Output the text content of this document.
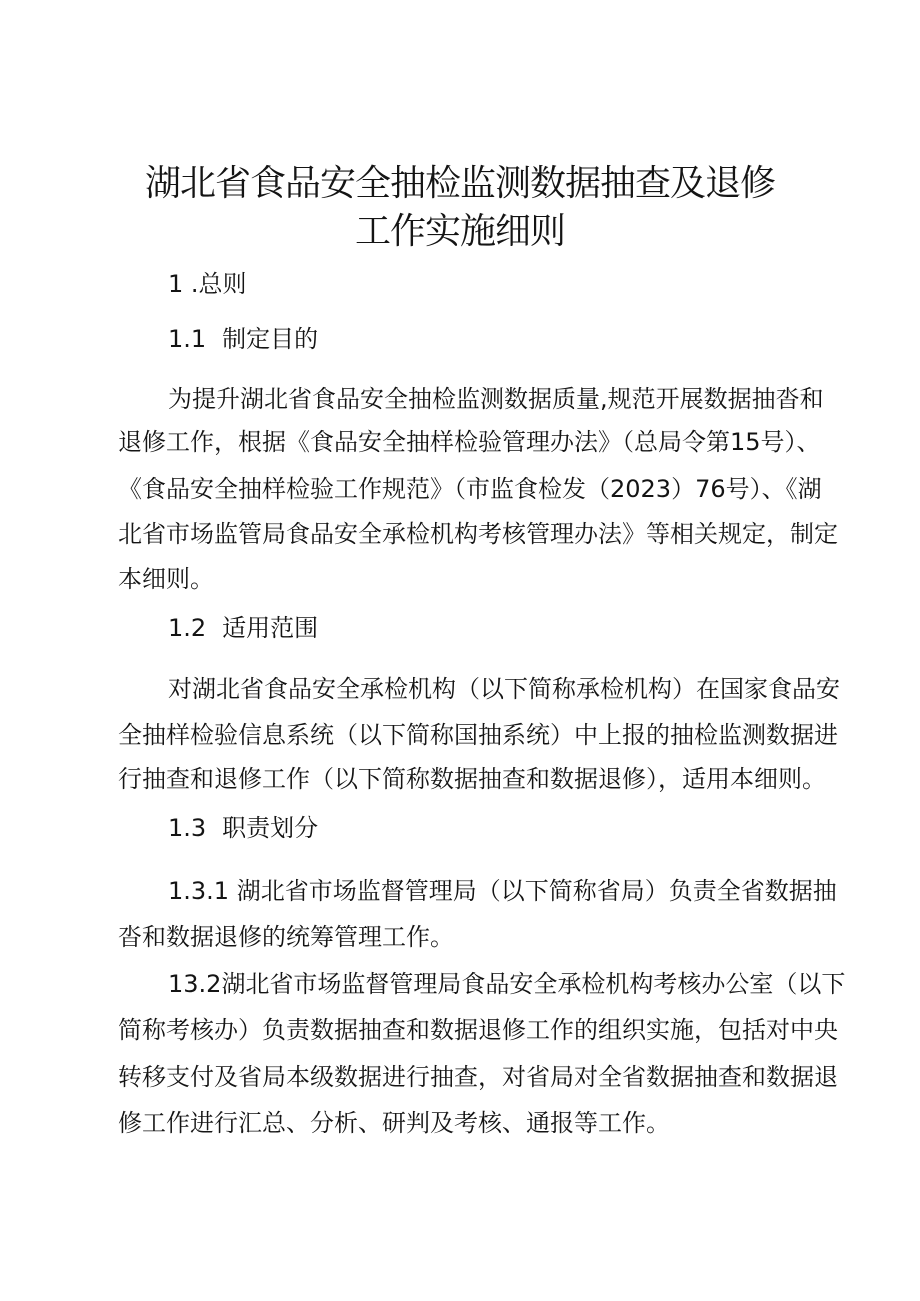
湖北省食品安全抽检监测数据抽查及退修
工作实施细则

1 .总则

1.1 制定目的

为提升湖北省食品安全抽检监测数据质量,规范开展数据抽沓和

退修工作，根据《食品安全抽样检验管理办法》（总局令第15号）、

《食品安全抽样检验工作规范》（市监食检发（2023）76号）、《湖

北省市场监管局食品安全承检机构考核管理办法》等相关规定，制定

本细则。

1.2 适用范围

对湖北省食品安全承检机构（以下简称承检机构）在国家食品安

全抽样检验信息系统（以下简称国抽系统）中上报的抽检监测数据进

行抽查和退修工作（以下简称数据抽查和数据退修），适用本细则。

1.3 职责划分

1.3.1 湖北省市场监督管理局（以下简称省局）负责全省数据抽

沓和数据退修的统筹管理工作。

13.2湖北省市场监督管理局食品安全承检机构考核办公室（以下

简称考核办）负责数据抽查和数据退修工作的组织实施，包括对中央

转移支付及省局本级数据进行抽查，对省局对全省数据抽查和数据退

修工作进行汇总、分析、研判及考核、通报等工作。
